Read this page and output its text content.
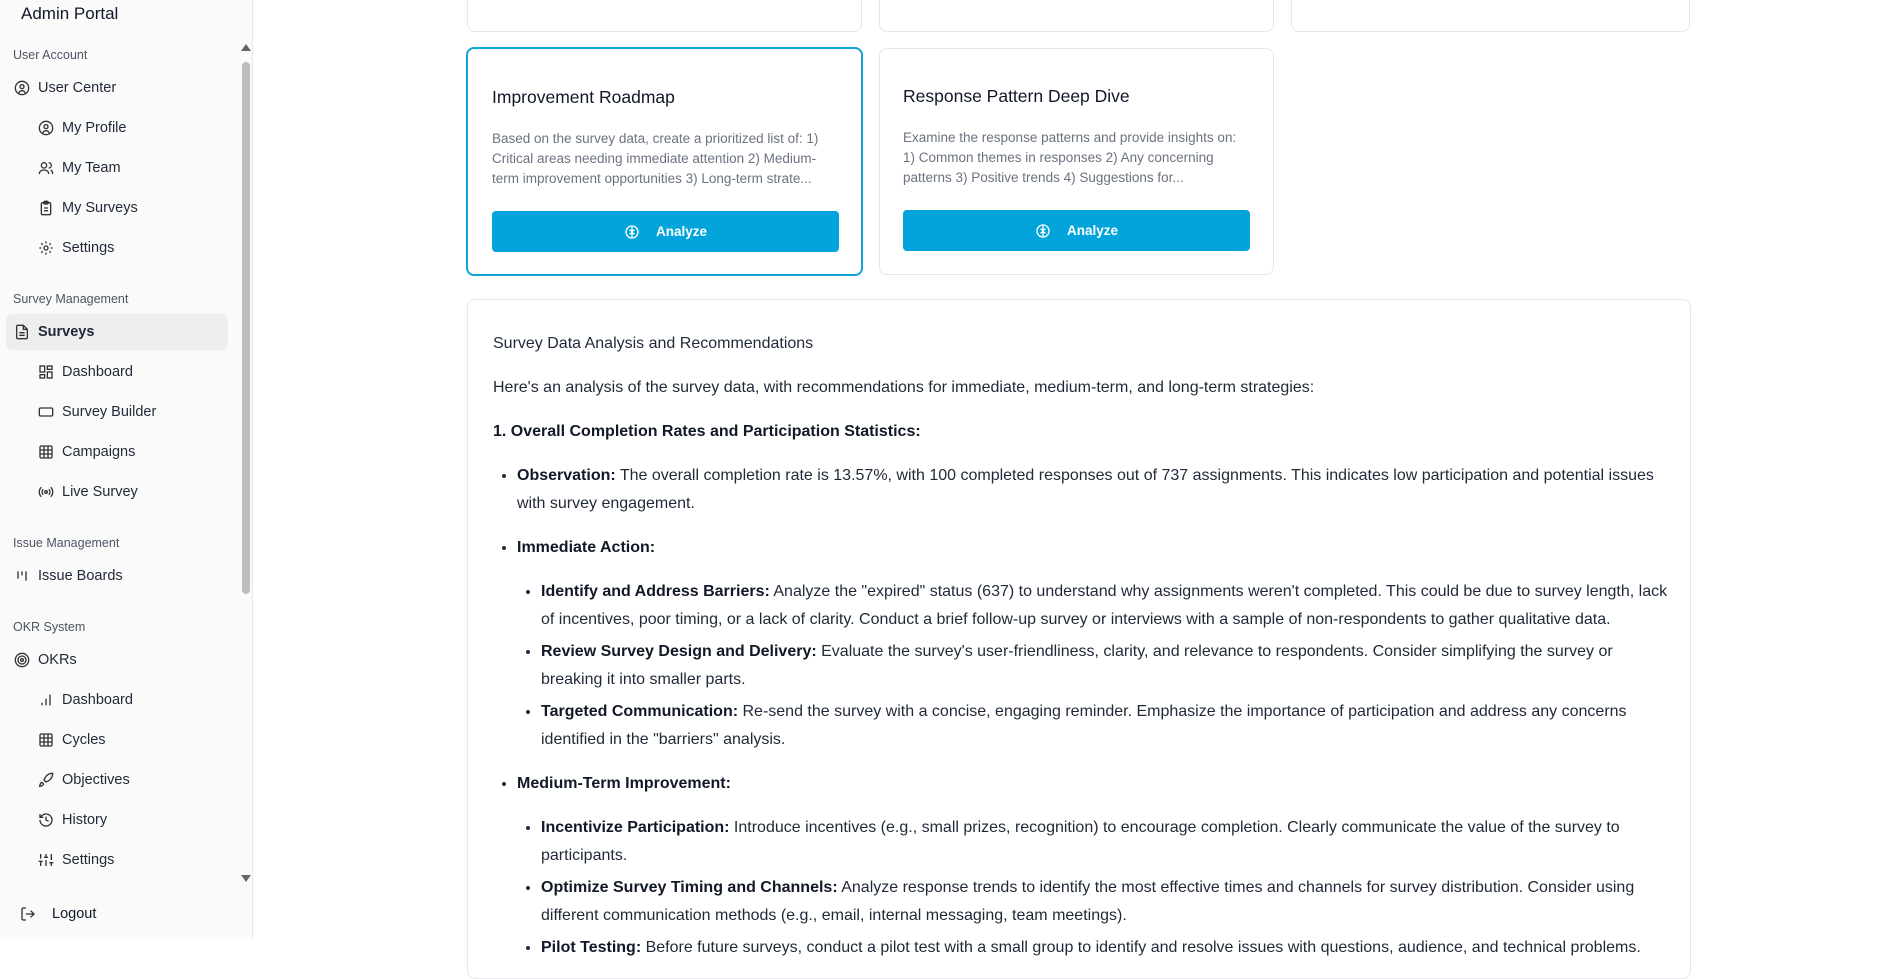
Admin Portal
User Account
User Center
My Profile
My Team
My Surveys
Settings
Survey Management
Surveys
Dashboard
Survey Builder
Campaigns
Live Survey
Issue Management
Issue Boards
OKR System
OKRs
Dashboard
Cycles
Objectives
History
Settings
Logout
Improvement Roadmap
Based on the survey data, create a prioritized list of: 1) Critical areas needing immediate attention 2) Medium-term improvement opportunities 3) Long-term strate...
Analyze
Response Pattern Deep Dive
Examine the response patterns and provide insights on: 1) Common themes in responses 2) Any concerning patterns 3) Positive trends 4) Suggestions for...
Analyze

Survey Data Analysis and Recommendations

Here's an analysis of the survey data, with recommendations for immediate, medium-term, and long-term strategies:

1. Overall Completion Rates and Participation Statistics:

• Observation: The overall completion rate is 13.57%, with 100 completed responses out of 737 assignments. This indicates low participation and potential issues with survey engagement.
• Immediate Action:
• Identify and Address Barriers: Analyze the "expired" status (637) to understand why assignments weren't completed. This could be due to survey length, lack of incentives, poor timing, or a lack of clarity. Conduct a brief follow-up survey or interviews with a sample of non-respondents to gather qualitative data.
• Review Survey Design and Delivery: Evaluate the survey's user-friendliness, clarity, and relevance to respondents. Consider simplifying the survey or breaking it into smaller parts.
• Targeted Communication: Re-send the survey with a concise, engaging reminder. Emphasize the importance of participation and address any concerns identified in the "barriers" analysis.
• Medium-Term Improvement:
• Incentivize Participation: Introduce incentives (e.g., small prizes, recognition) to encourage completion. Clearly communicate the value of the survey to participants.
• Optimize Survey Timing and Channels: Analyze response trends to identify the most effective times and channels for survey distribution. Consider using different communication methods (e.g., email, internal messaging, team meetings).
• Pilot Testing: Before future surveys, conduct a pilot test with a small group to identify and resolve issues with questions, audience, and technical problems.
